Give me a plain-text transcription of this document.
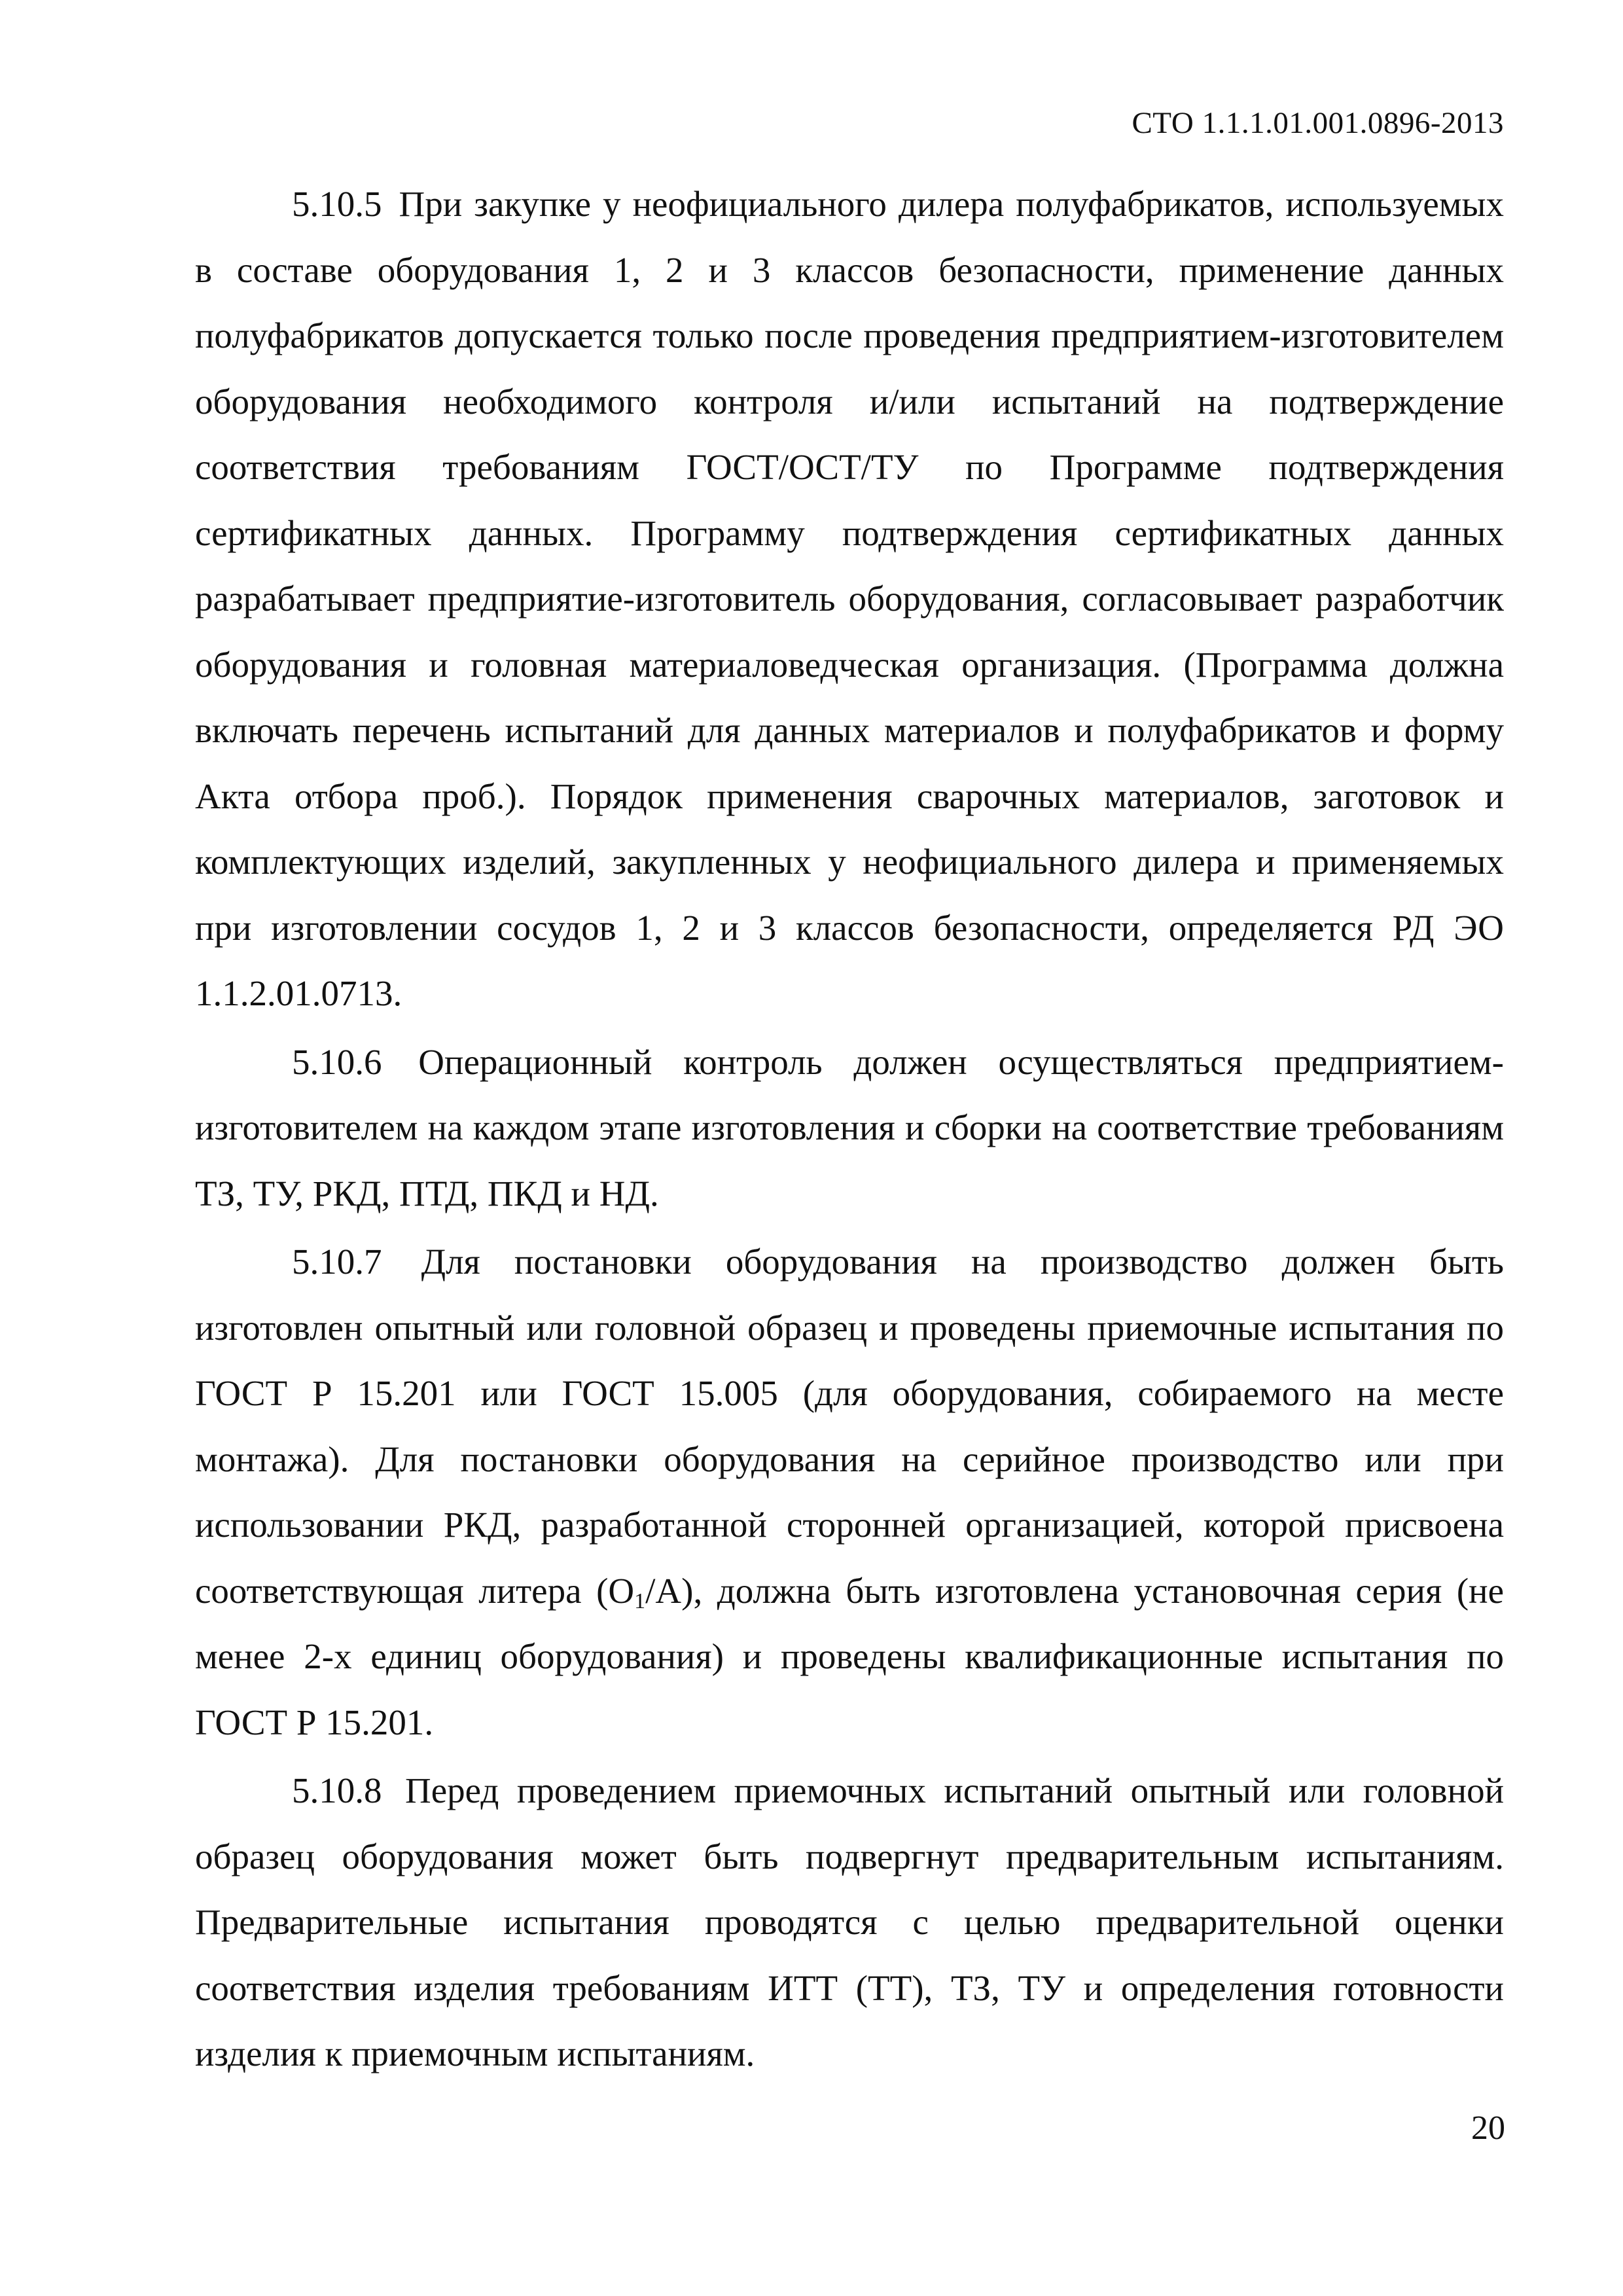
СТО 1.1.1.01.001.0896-2013

5.10.5 При закупке у неофициального дилера полуфабрикатов, используемых в составе оборудования 1, 2 и 3 классов безопасности, применение данных полуфабрикатов допускается только после проведения предприятием-изготовителем оборудования необходимого контроля и/или испытаний на подтверждение соответствия требованиям ГОСТ/ОСТ/ТУ по Программе подтверждения сертификатных данных. Программу подтверждения сертификатных данных разрабатывает предприятие-изготовитель оборудования, согласовывает разработчик оборудования и головная материаловедческая организация. (Программа должна включать перечень испытаний для данных материалов и полуфабрикатов и форму Акта отбора проб.). Порядок применения сварочных материалов, заготовок и комплектующих изделий, закупленных у неофициального дилера и применяемых при изготовлении сосудов 1, 2 и 3 классов безопасности, определяется РД ЭО 1.1.2.01.0713.

5.10.6 Операционный контроль должен осуществляться предприятием-изготовителем на каждом этапе изготовления и сборки на соответствие требованиям ТЗ, ТУ, РКД, ПТД, ПКД и НД.

5.10.7 Для постановки оборудования на производство должен быть изготовлен опытный или головной образец и проведены приемочные испытания по ГОСТ Р 15.201 или ГОСТ 15.005 (для оборудования, собираемого на месте монтажа). Для постановки оборудования на серийное производство или при использовании РКД, разработанной сторонней организацией, которой присвоена соответствующая литера $(О_1/А)$, должна быть изготовлена установочная серия (не менее 2-х единиц оборудования) и проведены квалификационные испытания по ГОСТ Р 15.201.

5.10.8 Перед проведением приемочных испытаний опытный или головной образец оборудования может быть подвергнут предварительным испытаниям. Предварительные испытания проводятся с целью предварительной оценки соответствия изделия требованиям ИТТ (ТТ), ТЗ, ТУ и определения готовности изделия к приемочным испытаниям.

20
